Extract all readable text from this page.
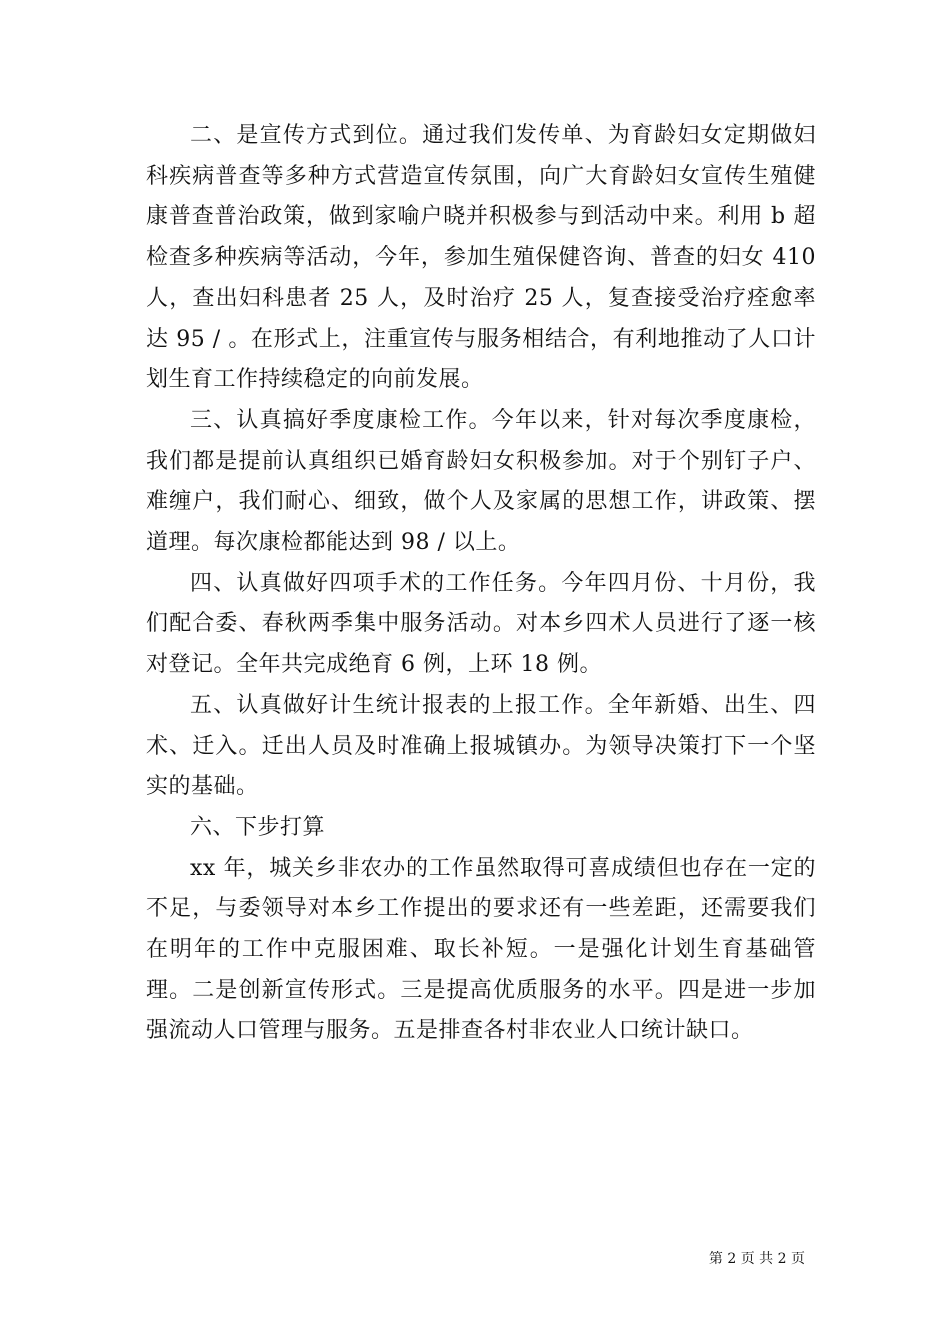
二、是宣传方式到位。通过我们发传单、为育龄妇女定期做妇科疾病普查等多种方式营造宣传氛围，向广大育龄妇女宣传生殖健康普查普治政策，做到家喻户晓并积极参与到活动中来。利用 b 超检查多种疾病等活动，今年，参加生殖保健咨询、普查的妇女 410 人，查出妇科患者 25 人，及时治疗 25 人，复查接受治疗痊愈率达 95 / 。在形式上，注重宣传与服务相结合，有利地推动了人口计划生育工作持续稳定的向前发展。

三、认真搞好季度康检工作。今年以来，针对每次季度康检，我们都是提前认真组织已婚育龄妇女积极参加。对于个别钉子户、难缠户，我们耐心、细致，做个人及家属的思想工作，讲政策、摆道理。每次康检都能达到 98 / 以上。

四、认真做好四项手术的工作任务。今年四月份、十月份，我们配合委、春秋两季集中服务活动。对本乡四术人员进行了逐一核对登记。全年共完成绝育 6 例，上环 18 例。

五、认真做好计生统计报表的上报工作。全年新婚、出生、四术、迁入。迁出人员及时准确上报城镇办。为领导决策打下一个坚实的基础。

六、下步打算

xx 年，城关乡非农办的工作虽然取得可喜成绩但也存在一定的不足，与委领导对本乡工作提出的要求还有一些差距，还需要我们在明年的工作中克服困难、取长补短。一是强化计划生育基础管理。二是创新宣传形式。三是提高优质服务的水平。四是进一步加强流动人口管理与服务。五是排查各村非农业人口统计缺口。

第 2 页 共 2 页
